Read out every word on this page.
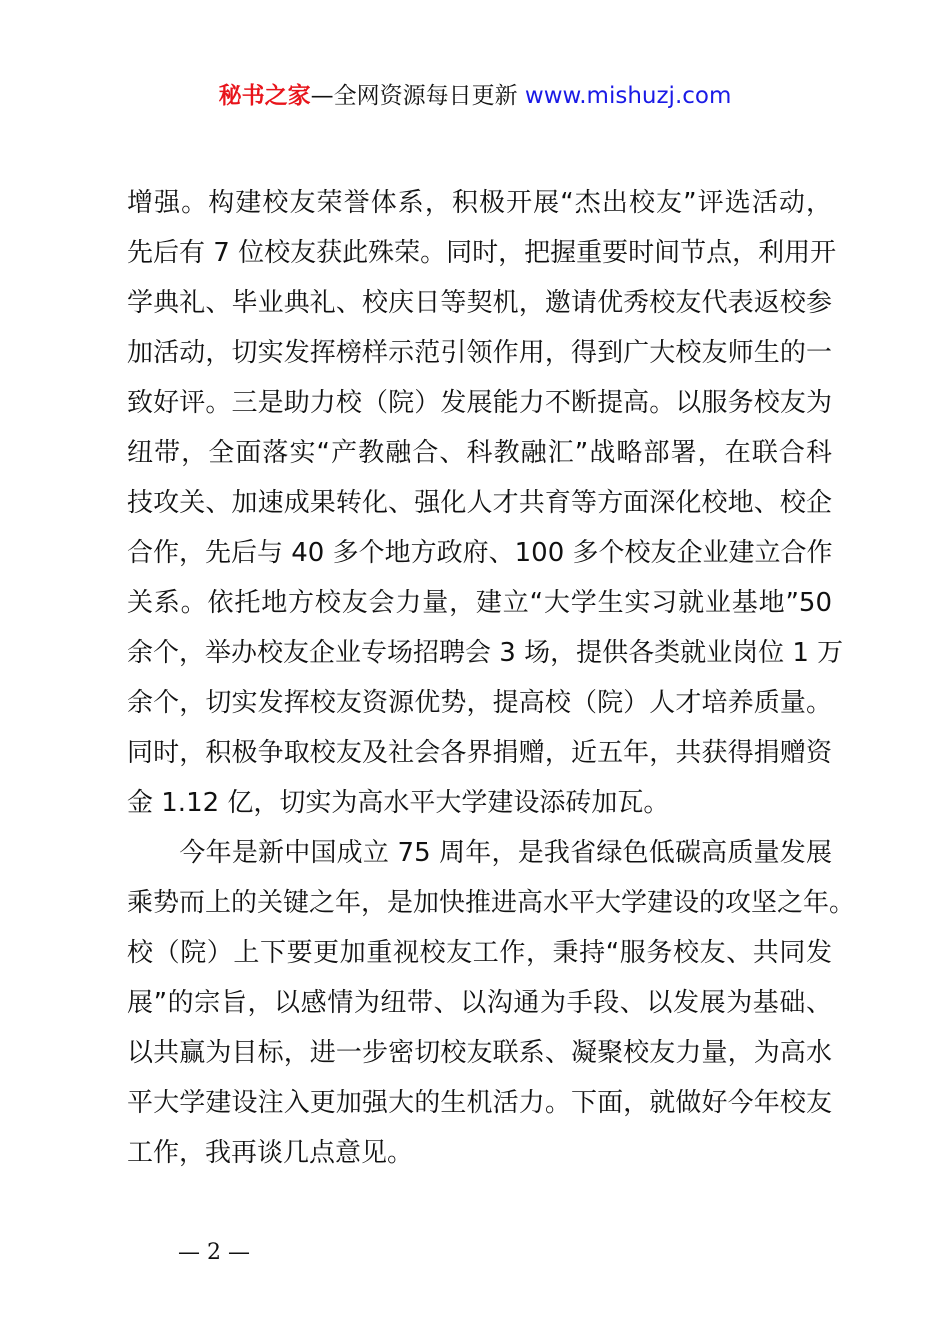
秘书之家—全网资源每日更新 www.mishuzj.com
增强。构建校友荣誉体系，积极开展“杰出校友”评选活动，
先后有 7 位校友获此殊荣。同时，把握重要时间节点，利用开
学典礼、毕业典礼、校庆日等契机，邀请优秀校友代表返校参
加活动，切实发挥榜样示范引领作用，得到广大校友师生的一
致好评。三是助力校（院）发展能力不断提高。以服务校友为
纽带，全面落实“产教融合、科教融汇”战略部署，在联合科
技攻关、加速成果转化、强化人才共育等方面深化校地、校企
合作，先后与 40 多个地方政府、100 多个校友企业建立合作
关系。依托地方校友会力量，建立“大学生实习就业基地”50
余个，举办校友企业专场招聘会 3 场，提供各类就业岗位 1 万
余个，切实发挥校友资源优势，提高校（院）人才培养质量。
同时，积极争取校友及社会各界捐赠，近五年，共获得捐赠资
金 1.12 亿，切实为高水平大学建设添砖加瓦。
　　今年是新中国成立 75 周年，是我省绿色低碳高质量发展
乘势而上的关键之年，是加快推进高水平大学建设的攻坚之年。
校（院）上下要更加重视校友工作，秉持“服务校友、共同发
展”的宗旨，以感情为纽带、以沟通为手段、以发展为基础、
以共赢为目标，进一步密切校友联系、凝聚校友力量，为高水
平大学建设注入更加强大的生机活力。下面，就做好今年校友
工作，我再谈几点意见。
— 2 —
